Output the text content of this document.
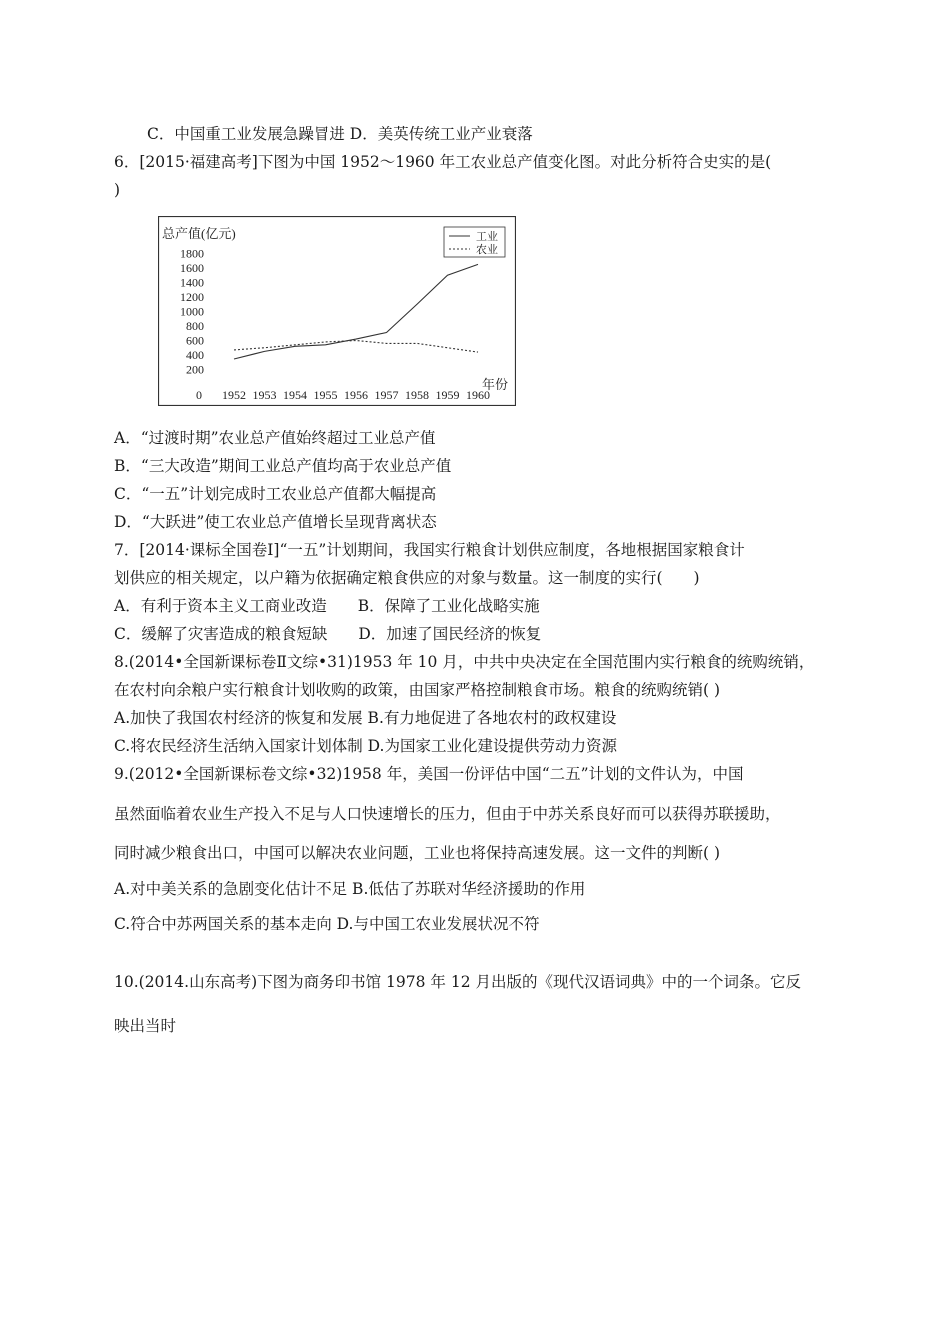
C．中国重工业发展急躁冒进 D．美英传统工业产业衰落
6．[2015·福建高考]下图为中国 1952～1960 年工农业总产值变化图。对此分析符合史实的是(
)
总产值(亿元)
年份
0
200
400
600
800
1000
1200
1400
1600
1800
1952 1953 1954 1955 1956 1957 1958 1959 1960
工业
农业
A．“过渡时期”农业总产值始终超过工业总产值
B．“三大改造”期间工业总产值均高于农业总产值
C．“一五”计划完成时工农业总产值都大幅提高
D．“大跃进”使工农业总产值增长呈现背离状态
7．[2014·课标全国卷Ⅰ]“一五”计划期间，我国实行粮食计划供应制度，各地根据国家粮食计
划供应的相关规定，以户籍为依据确定粮食供应的对象与数量。这一制度的实行(　　)
A．有利于资本主义工商业改造　　B．保障了工业化战略实施
C．缓解了灾害造成的粮食短缺　　D．加速了国民经济的恢复
8.(2014•全国新课标卷Ⅱ文综•31)1953 年 10 月，中共中央决定在全国范围内实行粮食的统购统销，
在农村向余粮户实行粮食计划收购的政策，由国家严格控制粮食市场。粮食的统购统销( )
A.加快了我国农村经济的恢复和发展 B.有力地促进了各地农村的政权建设
C.将农民经济生活纳入国家计划体制 D.为国家工业化建设提供劳动力资源
9.(2012•全国新课标卷文综•32)1958 年，美国一份评估中国“二五”计划的文件认为，中国
虽然面临着农业生产投入不足与人口快速增长的压力，但由于中苏关系良好而可以获得苏联援助，
同时减少粮食出口，中国可以解决农业问题，工业也将保持高速发展。这一文件的判断( )
A.对中美关系的急剧变化估计不足 B.低估了苏联对华经济援助的作用
C.符合中苏两国关系的基本走向 D.与中国工农业发展状况不符
10.(2014.山东高考)下图为商务印书馆 1978 年 12 月出版的《现代汉语词典》中的一个词条。它反
映出当时
